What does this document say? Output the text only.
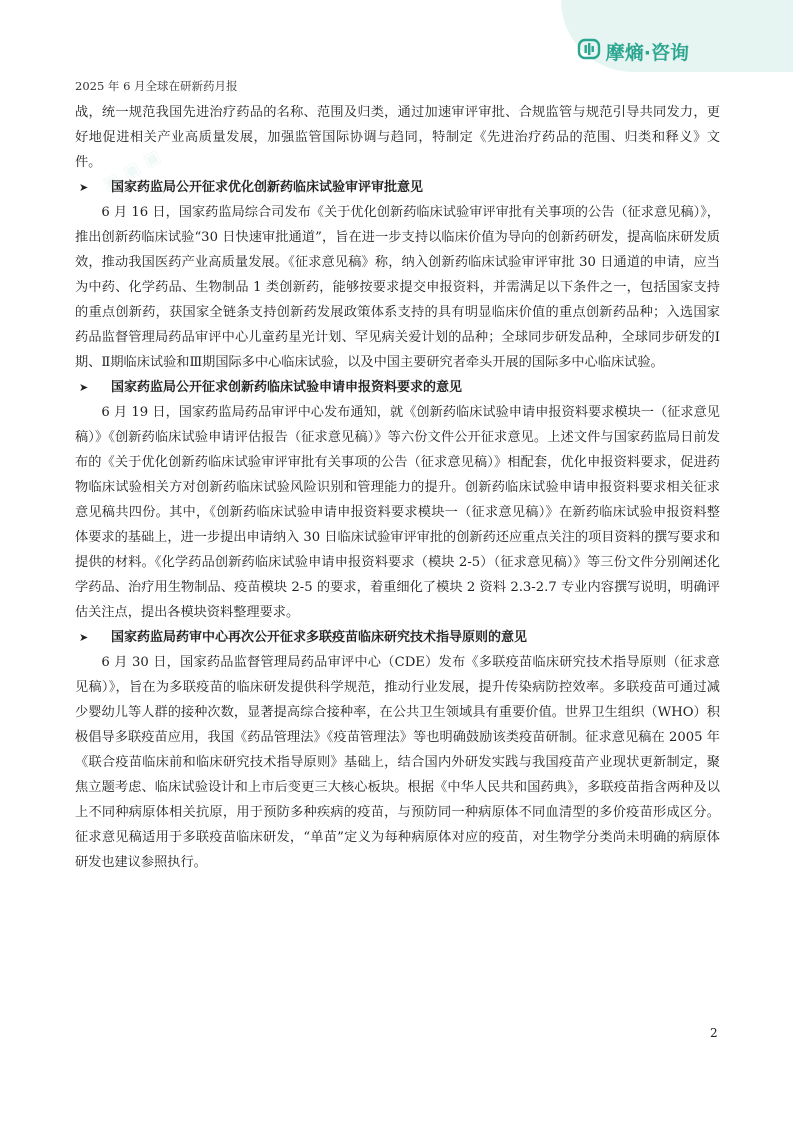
摩熵·咨询
2025 年 6 月全球在研新药月报
▣ ▣ ▣

战，统一规范我国先进治疗药品的名称、范围及归类，通过加速审评审批、合规监管与规范引导共同发力，更好地促进相关产业高质量发展，加强监管国际协调与趋同，特制定《先进治疗药品的范围、归类和释义》文件。

➤	国家药监局公开征求优化创新药临床试验审评审批意见

6 月 16 日，国家药监局综合司发布《关于优化创新药临床试验审评审批有关事项的公告（征求意见稿）》，推出创新药临床试验“30 日快速审批通道”，旨在进一步支持以临床价值为导向的创新药研发，提高临床研发质效，推动我国医药产业高质量发展。《征求意见稿》称，纳入创新药临床试验审评审批 30 日通道的申请，应当为中药、化学药品、生物制品 1 类创新药，能够按要求提交申报资料，并需满足以下条件之一，包括国家支持的重点创新药，获国家全链条支持创新药发展政策体系支持的具有明显临床价值的重点创新药品种；入选国家药品监督管理局药品审评中心儿童药星光计划、罕见病关爱计划的品种；全球同步研发品种，全球同步研发的Ⅰ期、Ⅱ期临床试验和Ⅲ期国际多中心临床试验，以及中国主要研究者牵头开展的国际多中心临床试验。

➤	国家药监局公开征求创新药临床试验申请申报资料要求的意见

6 月 19 日，国家药监局药品审评中心发布通知，就《创新药临床试验申请申报资料要求模块一（征求意见稿）》《创新药临床试验申请评估报告（征求意见稿）》等六份文件公开征求意见。上述文件与国家药监局日前发布的《关于优化创新药临床试验审评审批有关事项的公告（征求意见稿）》相配套，优化申报资料要求，促进药物临床试验相关方对创新药临床试验风险识别和管理能力的提升。创新药临床试验申请申报资料要求相关征求意见稿共四份。其中，《创新药临床试验申请申报资料要求模块一（征求意见稿）》在新药临床试验申报资料整体要求的基础上，进一步提出申请纳入 30 日临床试验审评审批的创新药还应重点关注的项目资料的撰写要求和提供的材料。《化学药品创新药临床试验申请申报资料要求（模块 2-5）（征求意见稿）》等三份文件分别阐述化学药品、治疗用生物制品、疫苗模块 2-5 的要求，着重细化了模块 2 资料 2.3-2.7 专业内容撰写说明，明确评估关注点，提出各模块资料整理要求。

➤	国家药监局药审中心再次公开征求多联疫苗临床研究技术指导原则的意见

6 月 30 日，国家药品监督管理局药品审评中心（CDE）发布《多联疫苗临床研究技术指导原则（征求意见稿）》，旨在为多联疫苗的临床研发提供科学规范，推动行业发展，提升传染病防控效率。多联疫苗可通过减少婴幼儿等人群的接种次数，显著提高综合接种率，在公共卫生领域具有重要价值。世界卫生组织（WHO）积极倡导多联疫苗应用，我国《药品管理法》《疫苗管理法》等也明确鼓励该类疫苗研制。征求意见稿在 2005 年《联合疫苗临床前和临床研究技术指导原则》基础上，结合国内外研发实践与我国疫苗产业现状更新制定，聚焦立题考虑、临床试验设计和上市后变更三大核心板块。根据《中华人民共和国药典》，多联疫苗指含两种及以上不同种病原体相关抗原，用于预防多种疾病的疫苗，与预防同一种病原体不同血清型的多价疫苗形成区分。征求意见稿适用于多联疫苗临床研发，“单苗”定义为每种病原体对应的疫苗，对生物学分类尚未明确的病原体研发也建议参照执行。

2
